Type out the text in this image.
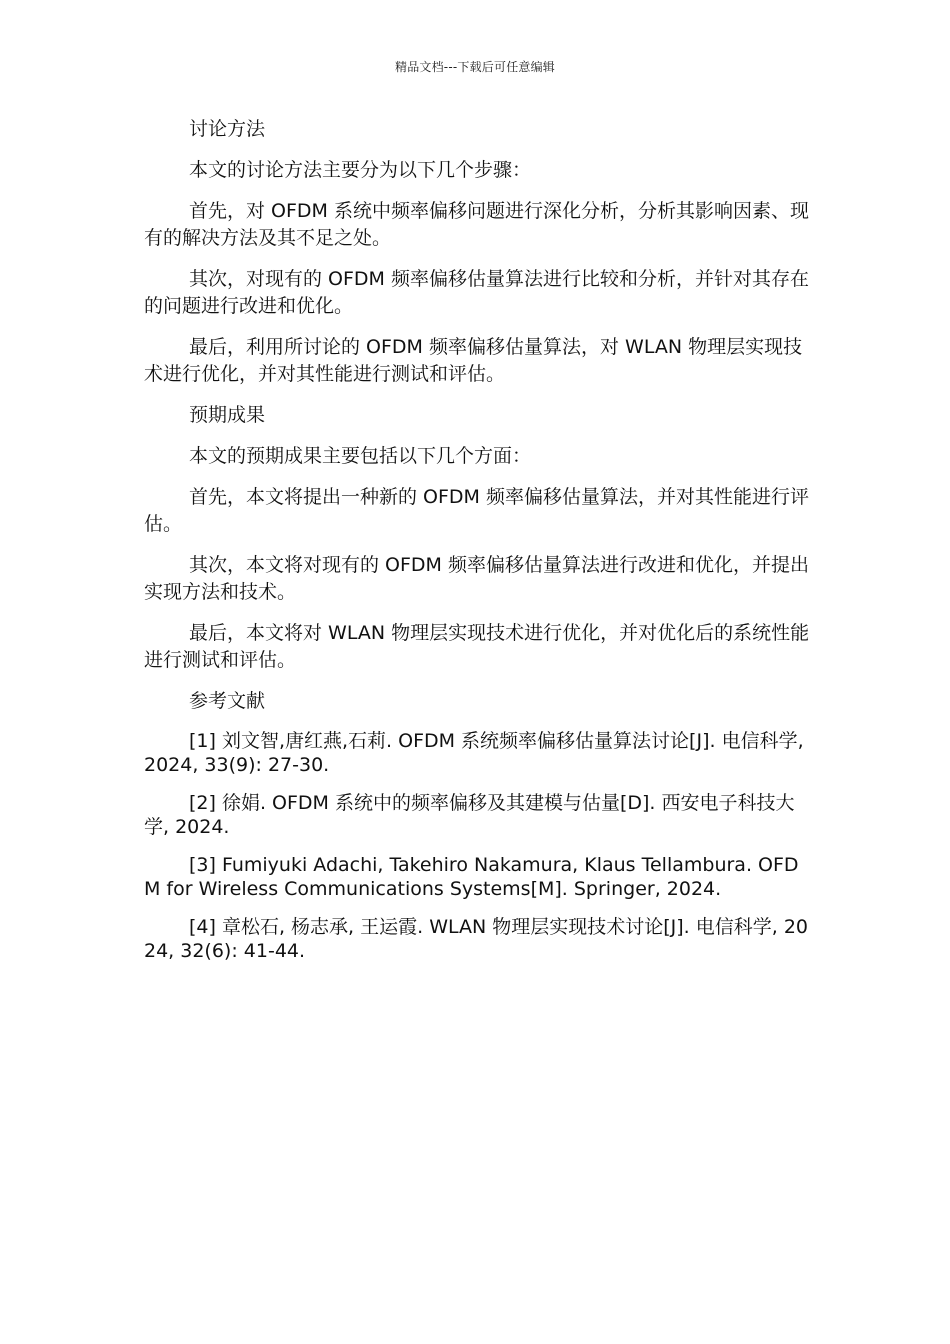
精品文档---下载后可任意编辑

讨论方法

本文的讨论方法主要分为以下几个步骤：

首先，对 OFDM 系统中频率偏移问题进行深化分析，分析其影响因素、现有的解决方法及其不足之处。

其次，对现有的 OFDM 频率偏移估量算法进行比较和分析，并针对其存在的问题进行改进和优化。

最后，利用所讨论的 OFDM 频率偏移估量算法，对 WLAN 物理层实现技术进行优化，并对其性能进行测试和评估。

预期成果

本文的预期成果主要包括以下几个方面：

首先，本文将提出一种新的 OFDM 频率偏移估量算法，并对其性能进行评估。

其次，本文将对现有的 OFDM 频率偏移估量算法进行改进和优化，并提出实现方法和技术。

最后，本文将对 WLAN 物理层实现技术进行优化，并对优化后的系统性能进行测试和评估。

参考文献

[1] 刘文智,唐红燕,石莉. OFDM 系统频率偏移估量算法讨论[J]. 电信科学, 2024, 33(9): 27-30.

[2] 徐娟. OFDM 系统中的频率偏移及其建模与估量[D]. 西安电子科技大学, 2024.

[3] Fumiyuki Adachi, Takehiro Nakamura, Klaus Tellambura. OFDM for Wireless Communications Systems[M]. Springer, 2024.

[4] 章松石, 杨志承, 王运霞. WLAN 物理层实现技术讨论[J]. 电信科学, 2024, 32(6): 41-44.
